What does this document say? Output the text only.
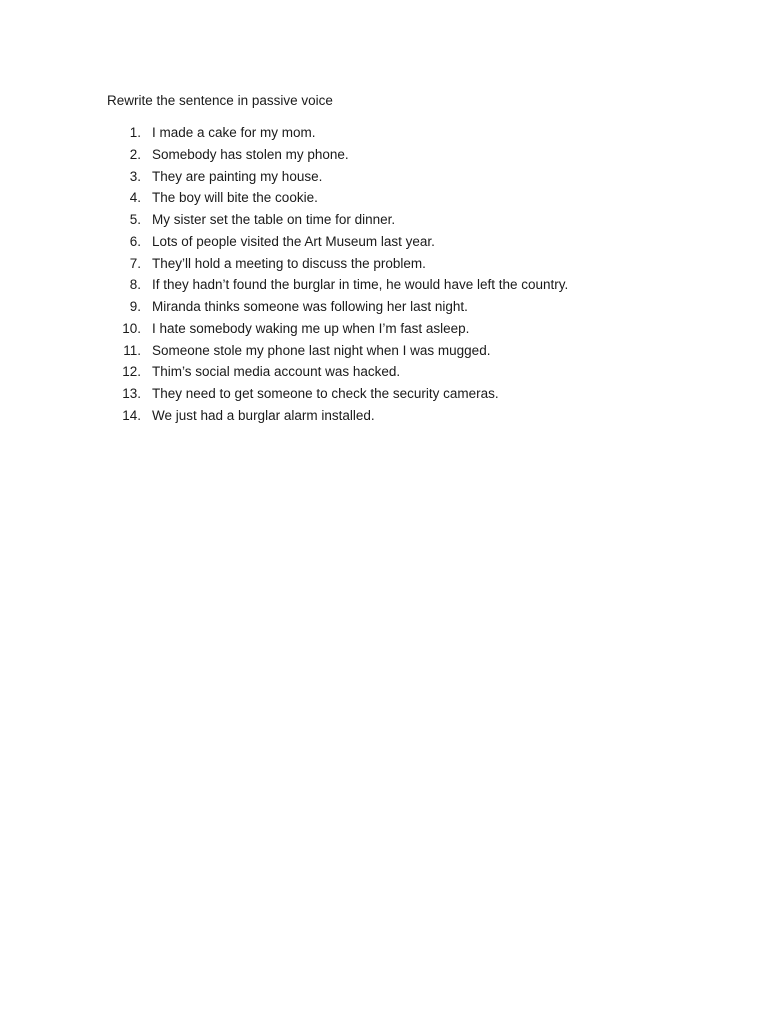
Rewrite the sentence in passive voice

1. I made a cake for my mom.
2. Somebody has stolen my phone.
3. They are painting my house.
4. The boy will bite the cookie.
5. My sister set the table on time for dinner.
6. Lots of people visited the Art Museum last year.
7. They’ll hold a meeting to discuss the problem.
8. If they hadn’t found the burglar in time, he would have left the country.
9. Miranda thinks someone was following her last night.
10. I hate somebody waking me up when I’m fast asleep.
11. Someone stole my phone last night when I was mugged.
12. Thim’s social media account was hacked.
13. They need to get someone to check the security cameras.
14. We just had a burglar alarm installed.
